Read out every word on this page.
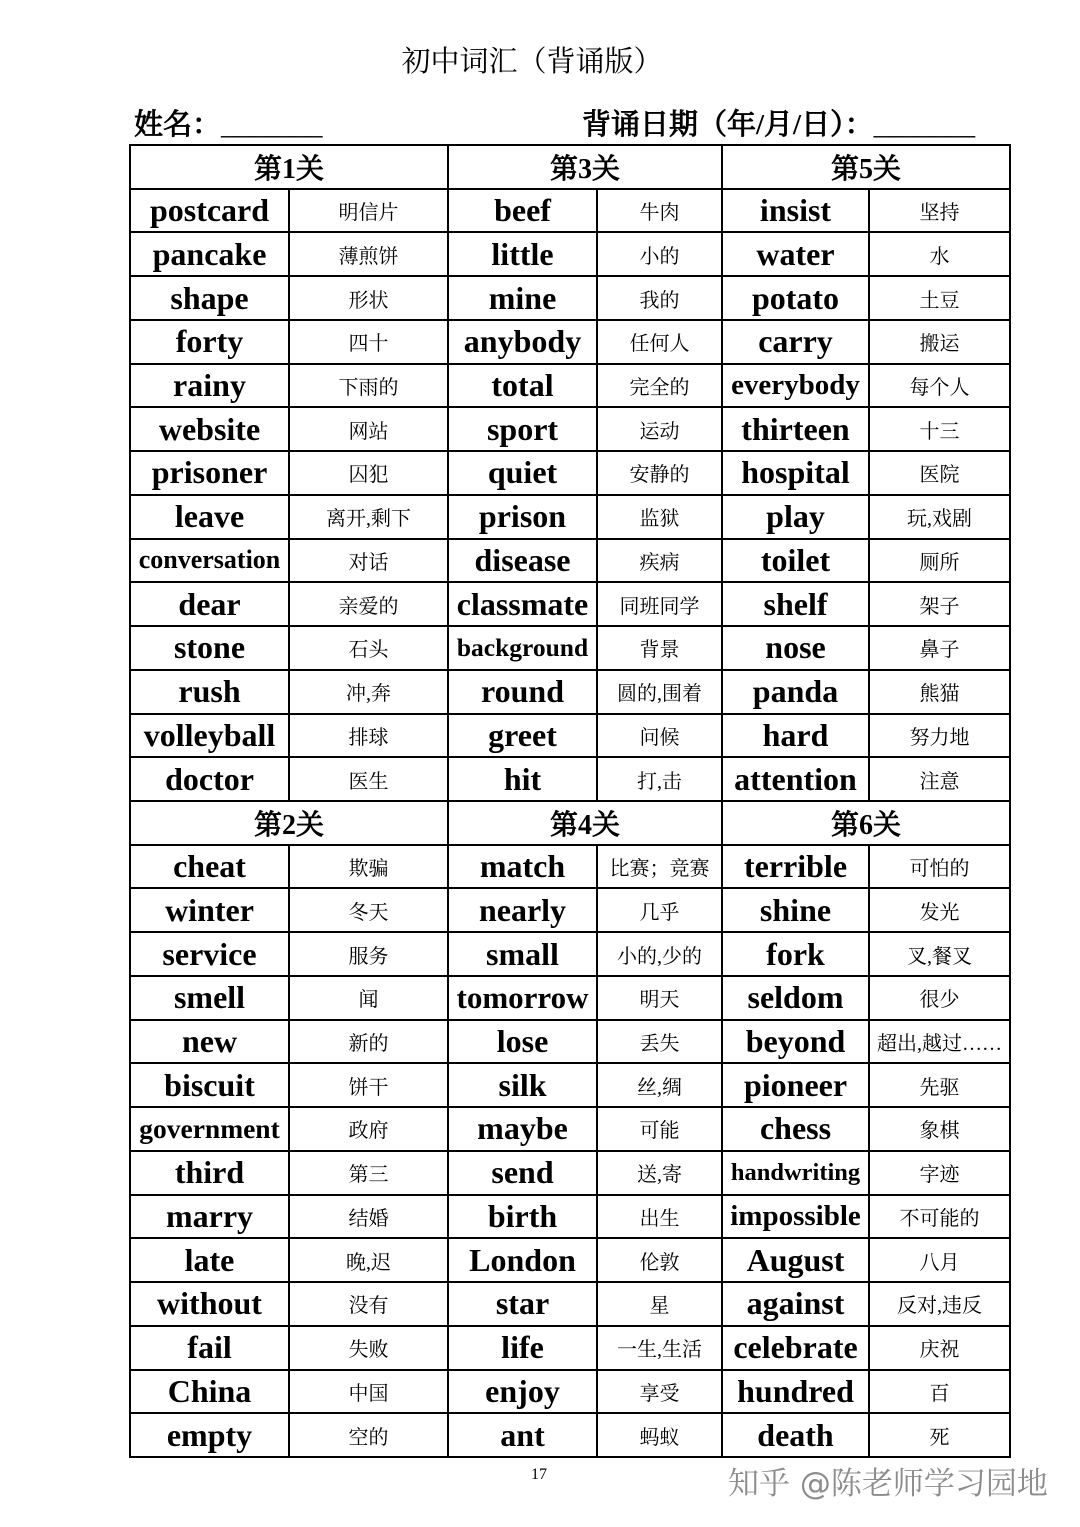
初中词汇（背诵版）
姓名：_______	背诵日期（年/月/日）：_______
第1关	第3关	第5关
postcard	明信片	beef	牛肉	insist	坚持
pancake	薄煎饼	little	小的	water	水
shape	形状	mine	我的	potato	土豆
forty	四十	anybody	任何人	carry	搬运
rainy	下雨的	total	完全的	everybody	每个人
website	网站	sport	运动	thirteen	十三
prisoner	囚犯	quiet	安静的	hospital	医院
leave	离开,剩下	prison	监狱	play	玩,戏剧
conversation	对话	disease	疾病	toilet	厕所
dear	亲爱的	classmate	同班同学	shelf	架子
stone	石头	background	背景	nose	鼻子
rush	冲,奔	round	圆的,围着	panda	熊猫
volleyball	排球	greet	问候	hard	努力地
doctor	医生	hit	打,击	attention	注意
第2关	第4关	第6关
cheat	欺骗	match	比赛；竞赛	terrible	可怕的
winter	冬天	nearly	几乎	shine	发光
service	服务	small	小的,少的	fork	叉,餐叉
smell	闻	tomorrow	明天	seldom	很少
new	新的	lose	丢失	beyond	超出,越过……
biscuit	饼干	silk	丝,绸	pioneer	先驱
government	政府	maybe	可能	chess	象棋
third	第三	send	送,寄	handwriting	字迹
marry	结婚	birth	出生	impossible	不可能的
late	晚,迟	London	伦敦	August	八月
without	没有	star	星	against	反对,违反
fail	失败	life	一生,生活 celebrate	庆祝
China	中国	enjoy	享受	hundred	百
empty	空的	ant	蚂蚁	death	死
17	知乎 @陈老师学习园地
